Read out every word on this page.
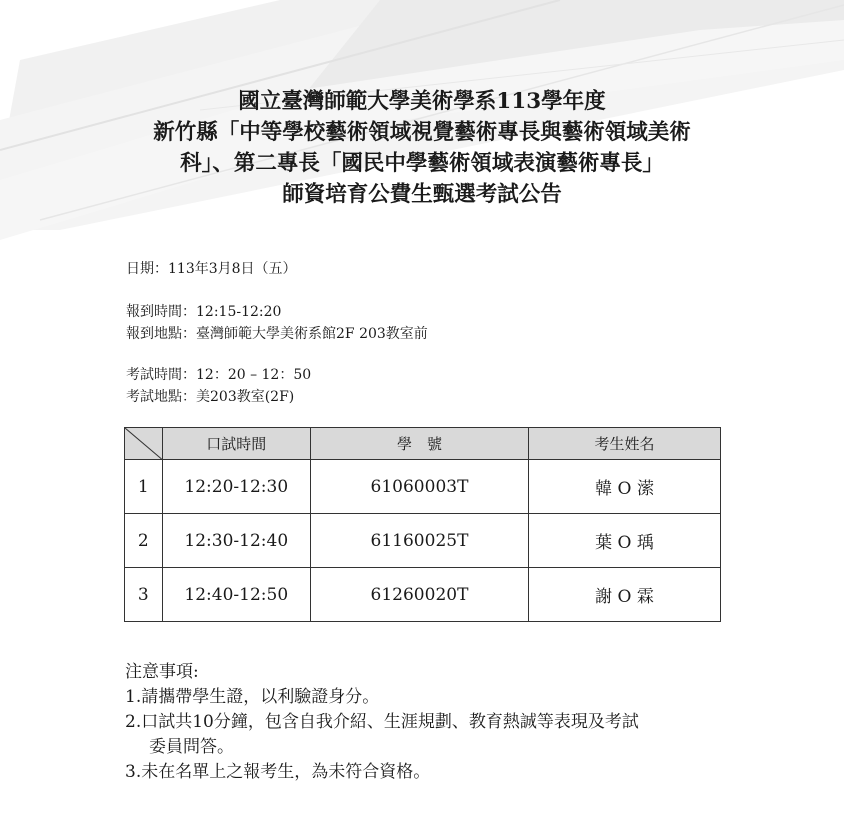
國立臺灣師範大學美術學系113學年度
新竹縣「中等學校藝術領域視覺藝術專長與藝術領域美術
科」、第二專長「國民中學藝術領域表演藝術專長」
師資培育公費生甄選考試公告
日期：113年3月8日（五）
報到時間：12:15-12:20
報到地點：臺灣師範大學美術系館2F 203教室前
考試時間：12：20 – 12：50
考試地點：美203教室(2F)
	口試時間	學　號	考生姓名
1	12:20-12:30	61060003T	韓 O 潆
2	12:30-12:40	61160025T	葉 O 瑀
3	12:40-12:50	61260020T	謝 O 霖
注意事項:
1.請攜帶學生證，以利驗證身分。
2.口試共10分鐘，包含自我介紹、生涯規劃、教育熱誠等表現及考試
委員問答。
3.未在名單上之報考生，為未符合資格。
